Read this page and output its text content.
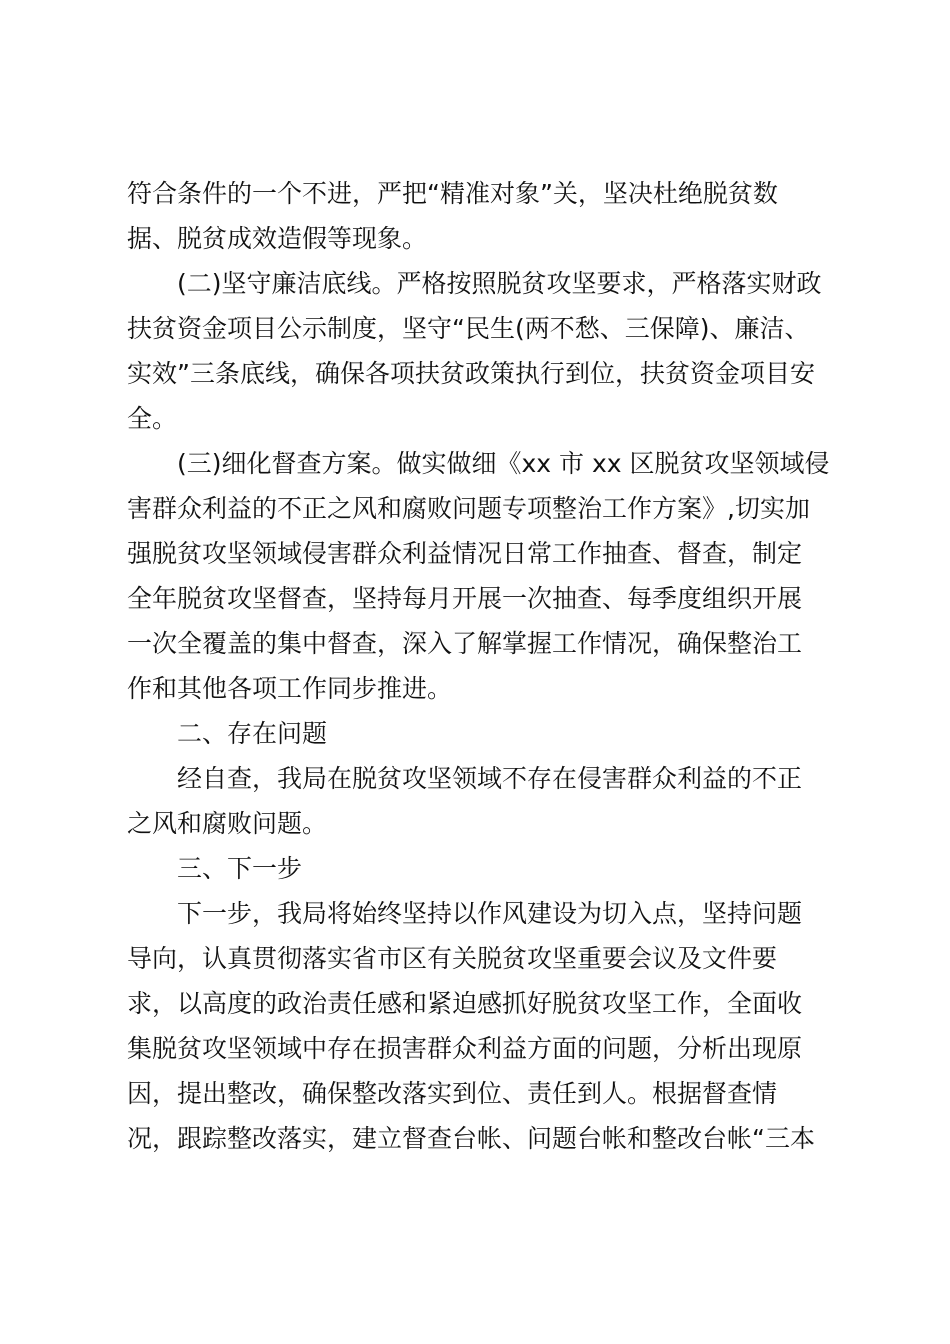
符合条件的一个不进，严把“精准对象”关，坚决杜绝脱贫数
据、脱贫成效造假等现象。
(二)坚守廉洁底线。严格按照脱贫攻坚要求，严格落实财政
扶贫资金项目公示制度，坚守“民生(两不愁、三保障)、廉洁、
实效”三条底线，确保各项扶贫政策执行到位，扶贫资金项目安
全。
(三)细化督查方案。做实做细《xx 市 xx 区脱贫攻坚领域侵
害群众利益的不正之风和腐败问题专项整治工作方案》,切实加
强脱贫攻坚领域侵害群众利益情况日常工作抽查、督查，制定
全年脱贫攻坚督查，坚持每月开展一次抽查、每季度组织开展
一次全覆盖的集中督查，深入了解掌握工作情况，确保整治工
作和其他各项工作同步推进。
二、存在问题
经自查，我局在脱贫攻坚领域不存在侵害群众利益的不正
之风和腐败问题。
三、下一步
下一步，我局将始终坚持以作风建设为切入点，坚持问题
导向，认真贯彻落实省市区有关脱贫攻坚重要会议及文件要
求，以高度的政治责任感和紧迫感抓好脱贫攻坚工作，全面收
集脱贫攻坚领域中存在损害群众利益方面的问题，分析出现原
因，提出整改，确保整改落实到位、责任到人。根据督查情
况，跟踪整改落实，建立督查台帐、问题台帐和整改台帐“三本
